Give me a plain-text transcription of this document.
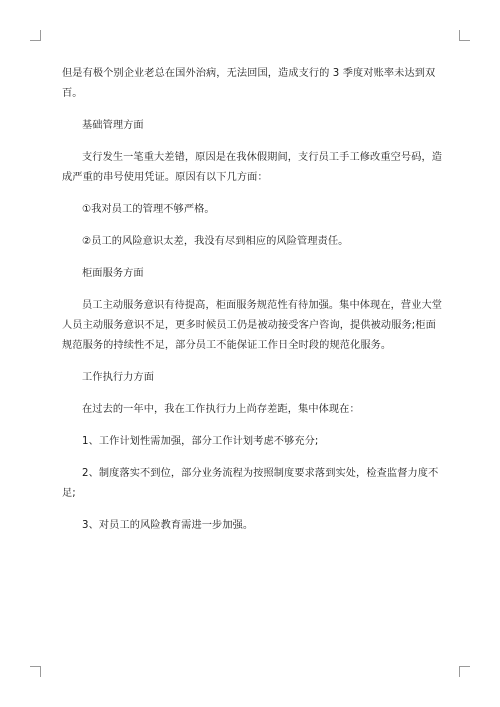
但是有极个别企业老总在国外治病，无法回国，造成支行的 3 季度对账率未达到双百。

基础管理方面

支行发生一笔重大差错，原因是在我休假期间，支行员工手工修改重空号码，造成严重的串号使用凭证。原因有以下几方面：

①我对员工的管理不够严格。

②员工的风险意识太差，我没有尽到相应的风险管理责任。

柜面服务方面

员工主动服务意识有待提高，柜面服务规范性有待加强。集中体现在，营业大堂人员主动服务意识不足，更多时候员工仍是被动接受客户咨询，提供被动服务;柜面规范服务的持续性不足，部分员工不能保证工作日全时段的规范化服务。

工作执行力方面

在过去的一年中，我在工作执行力上尚存差距，集中体现在：

1、工作计划性需加强，部分工作计划考虑不够充分;

2、制度落实不到位，部分业务流程为按照制度要求落到实处，检查监督力度不足;

3、对员工的风险教育需进一步加强。
